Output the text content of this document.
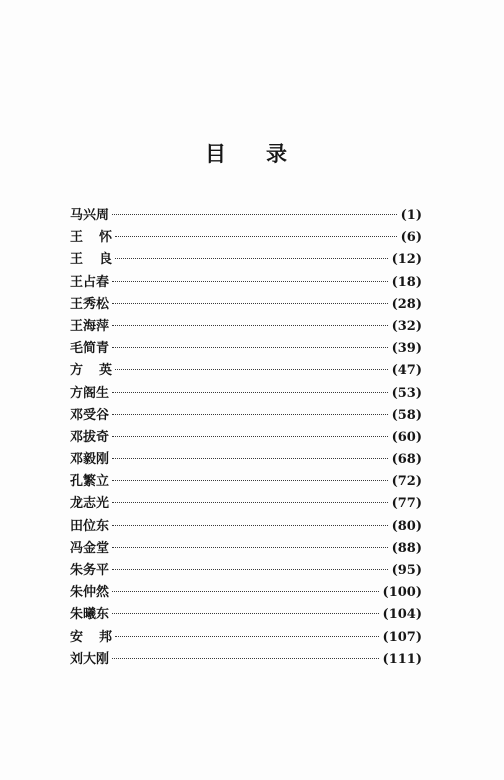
目 录
马兴周	(1)
王 怀	(6)
王 良	(12)
王占春	(18)
王秀松	(28)
王海萍	(32)
毛简青	(39)
方 英	(47)
方阁生	(53)
邓受谷	(58)
邓拔奇	(60)
邓毅刚	(68)
孔繁立	(72)
龙志光	(77)
田位东	(80)
冯金堂	(88)
朱务平	(95)
朱仲然	(100)
朱曦东	(104)
安 邦	(107)
刘大刚	(111)
